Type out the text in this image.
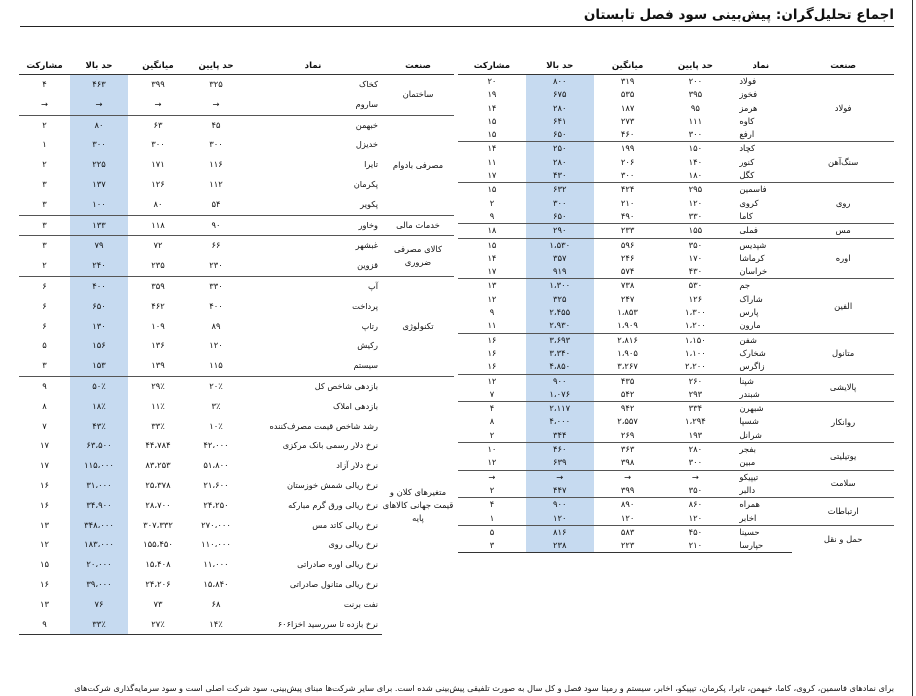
اجماع تحلیل‌گران: پیش‌بینی سود فصل تابستان
صنعت	نماد	حد پایین	میانگین	حد بالا	مشارکت
فولاد	فولاد	۲۰۰	۳۱۹	۸۰۰	۲۰
	فخوز	۳۹۵	۵۳۵	۶۷۵	۱۹
	هرمز	۹۵	۱۸۷	۲۸۰	۱۴
	کاوه	۱۱۱	۲۷۳	۶۴۱	۱۵
	ارفع	۳۰۰	۴۶۰	۶۵۰	۱۵
سنگ‌آهن	کچاد	۱۵۰	۱۹۹	۲۵۰	۱۴
	کنور	۱۴۰	۲۰۶	۲۸۰	۱۱
	کگل	۱۸۰	۳۰۰	۴۳۰	۱۷
روی	فاسمین	۲۹۵	۴۲۴	۶۳۲	۱۵
	کروی	۱۲۰	۲۱۰	۳۰۰	۲
	کاما	۳۳۰	۴۹۰	۶۵۰	۹
مس	فملی	۱۵۵	۲۳۳	۲۹۰	۱۸
اوره	شپدیس	۳۵۰	۵۹۶	۱،۵۳۰	۱۵
	کرماشا	۱۷۰	۲۴۶	۳۵۷	۱۴
	خراسان	۴۳۰	۵۷۴	۹۱۹	۱۷
الفین	جم	۵۳۰	۷۳۸	۱،۳۰۰	۱۳
	شاراک	۱۲۶	۲۴۷	۳۲۵	۱۲
	پارس	۱،۳۰۰	۱،۸۵۳	۲،۴۵۵	۹
	مارون	۱،۲۰۰	۱،۹۰۹	۲،۹۳۰	۱۱
متانول	شفن	۱،۱۵۰	۲،۸۱۶	۳،۶۹۳	۱۶
	شخارک	۱،۱۰۰	۱،۹۰۵	۳،۳۴۰	۱۶
	زاگرس	۲،۲۰۰	۳،۲۶۷	۴،۸۵۰	۱۶
پالایشی	شپنا	۲۶۰	۴۳۵	۹۰۰	۱۲
	شبندر	۲۹۳	۵۴۲	۱،۰۷۶	۷
روانکار	شبهرن	۳۳۴	۹۴۲	۲،۱۱۷	۴
	شسپا	۱،۲۹۴	۲،۵۵۷	۴،۰۰۰	۸
	شرانل	۱۹۳	۲۶۹	۳۴۴	۲
یوتیلیتی	بفجر	۲۸۰	۳۶۳	۴۶۰	۱۰
	مبین	۳۰۰	۳۹۸	۶۳۹	۱۲
سلامت	تیپیکو	→	→	→	→
	دالبر	۳۵۰	۳۹۹	۴۴۷	۲
ارتباطات	همراه	۸۶۰	۸۹۰	۹۰۰	۴
	اخابر	۱۲۰	۱۲۰	۱۲۰	۱
حمل و نقل	حسینا	۴۵۰	۵۸۳	۸۱۶	۵
	حپارسا	۲۱۰	۲۲۳	۲۳۸	۳
صنعت	نماد	حد پایین	میانگین	حد بالا	مشارکت
ساختمان	کخاک	۳۲۵	۳۹۹	۴۶۳	۴
	ساروم	→	→	→	→
مصرفی بادوام	خبهمن	۴۵	۶۳	۸۰	۲
	خدیزل	۳۰۰	۳۰۰	۳۰۰	۱
	تایرا	۱۱۶	۱۷۱	۲۲۵	۲
	پکرمان	۱۱۲	۱۲۶	۱۳۷	۳
	پکویر	۵۴	۸۰	۱۰۰	۳
خدمات مالی	وخاور	۹۰	۱۱۸	۱۳۳	۳
کالای مصرفی ضروری	غبشهر	۶۶	۷۲	۷۹	۳
	قزوین	۲۳۰	۲۳۵	۲۴۰	۲
تکنولوژی	آپ	۳۳۰	۳۵۹	۴۰۰	۶
	پرداخت	۴۰۰	۴۶۲	۶۵۰	۶
	رتاپ	۸۹	۱۰۹	۱۳۰	۶
	رکیش	۱۲۰	۱۳۶	۱۵۶	۵
	سیستم	۱۱۵	۱۳۹	۱۵۳	۳
متغیرهای کلان و قیمت جهانی کالاهای پایه	بازدهی شاخص کل	۲۰٪	۲۹٪	۵۰٪	۹
	بازدهی املاک	۳٪	۱۱٪	۱۸٪	۸
	رشد شاخص قیمت مصرف‌کننده	۱۰٪	۳۳٪	۴۳٪	۷
	نرخ دلار رسمی بانک مرکزی	۴۲،۰۰۰	۴۴،۷۸۴	۶۳،۵۰۰	۱۷
	نرخ دلار آزاد	۵۱،۸۰۰	۸۳،۲۵۳	۱۱۵،۰۰۰	۱۷
	نرخ ریالی شمش خوزستان	۲۱،۶۰۰	۲۵،۳۷۸	۳۱،۰۰۰	۱۶
	نرخ ریالی ورق گرم مبارکه	۲۴،۲۵۰	۲۸،۷۰۰	۳۴،۹۰۰	۱۶
	نرخ ریالی کاتد مس	۲۷۰،۰۰۰	۳۰۷،۳۳۲	۳۴۸،۰۰۰	۱۳
	نرخ ریالی روی	۱۱۰،۰۰۰	۱۵۵،۴۵۰	۱۸۳،۰۰۰	۱۲
	نرخ ریالی اوره صادراتی	۱۱،۰۰۰	۱۵،۴۰۸	۲۰،۰۰۰	۱۵
	نرخ ریالی متانول صادراتی	۱۵،۸۴۰	۲۴،۲۰۶	۳۹،۰۰۰	۱۶
	نفت برنت	۶۸	۷۳	۷۶	۱۳
	نرخ بازده تا سررسید اخزا۶۰۶	۱۴٪	۲۷٪	۳۳٪	۹
برای نمادهای فاسمین، کروی، کاما، خبهمن، تایرا، پکرمان، تیپیکو، اخابر، سیستم و رمپنا سود فصل و کل سال به صورت تلفیقی پیش‌بینی شده است. برای سایر شرکت‌ها مبنای پیش‌بینی، سود شرکت اصلی است و سود سرمایه‌گذاری شرکت‌های
